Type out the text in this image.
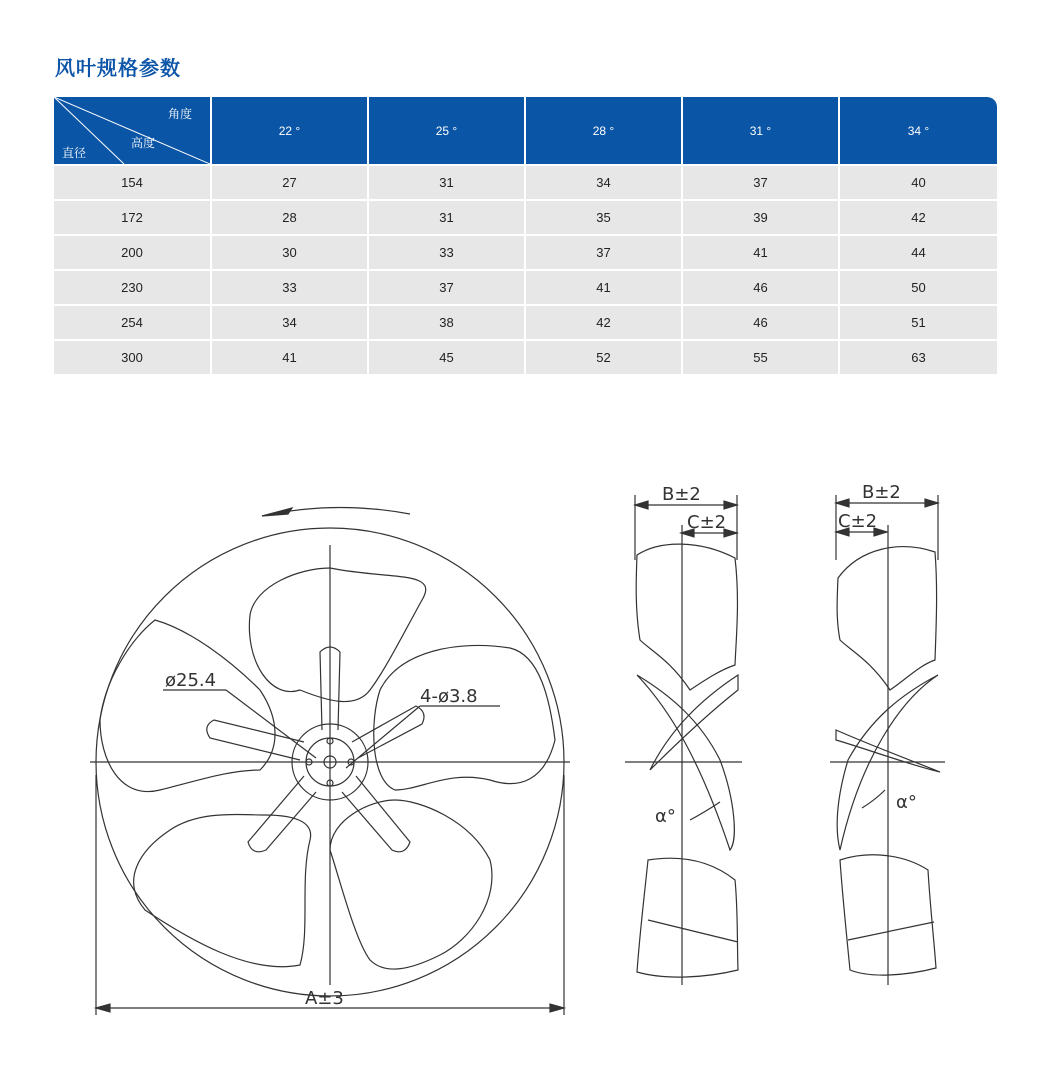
风叶规格参数
角度
高度
直径	22 °	25 °	28 °	31 °	34 °
154	27	31	34	37	40
172	28	31	35	39	42
200	30	33	37	41	44
230	33	37	41	46	50
254	34	38	42	46	51
300	41	45	52	55	63
ø25.4
4-ø3.8
A±3
B±2
C±2
α°
B±2
C±2
α°
